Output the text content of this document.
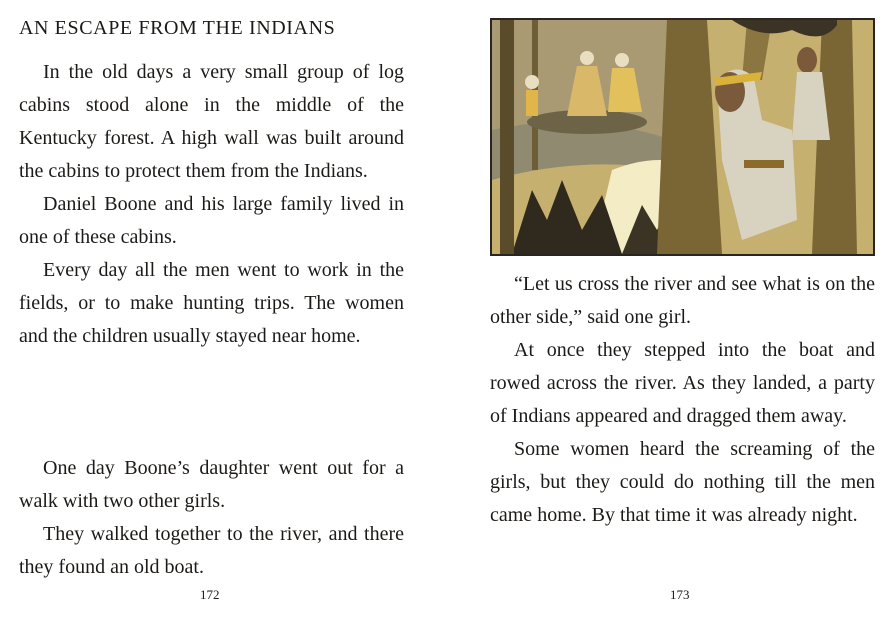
AN ESCAPE FROM THE INDIANS

In the old days a very small group of log cabins stood alone in the middle of the Kentucky forest. A high wall was built around the cabins to protect them from the Indians.

Daniel Boone and his large family lived in one of these cabins.

Every day all the men went to work in the fields, or to make hunting trips. The women and the children usually stayed near home.

One day Boone’s daughter went out for a walk with two other girls.

They walked together to the river, and there they found an old boat.

172

“Let us cross the river and see what is on the other side,” said one girl.

At once they stepped into the boat and rowed across the river. As they landed, a party of Indians appeared and dragged them away.

Some women heard the screaming of the girls, but they could do nothing till the men came home. By that time it was already night.

173
